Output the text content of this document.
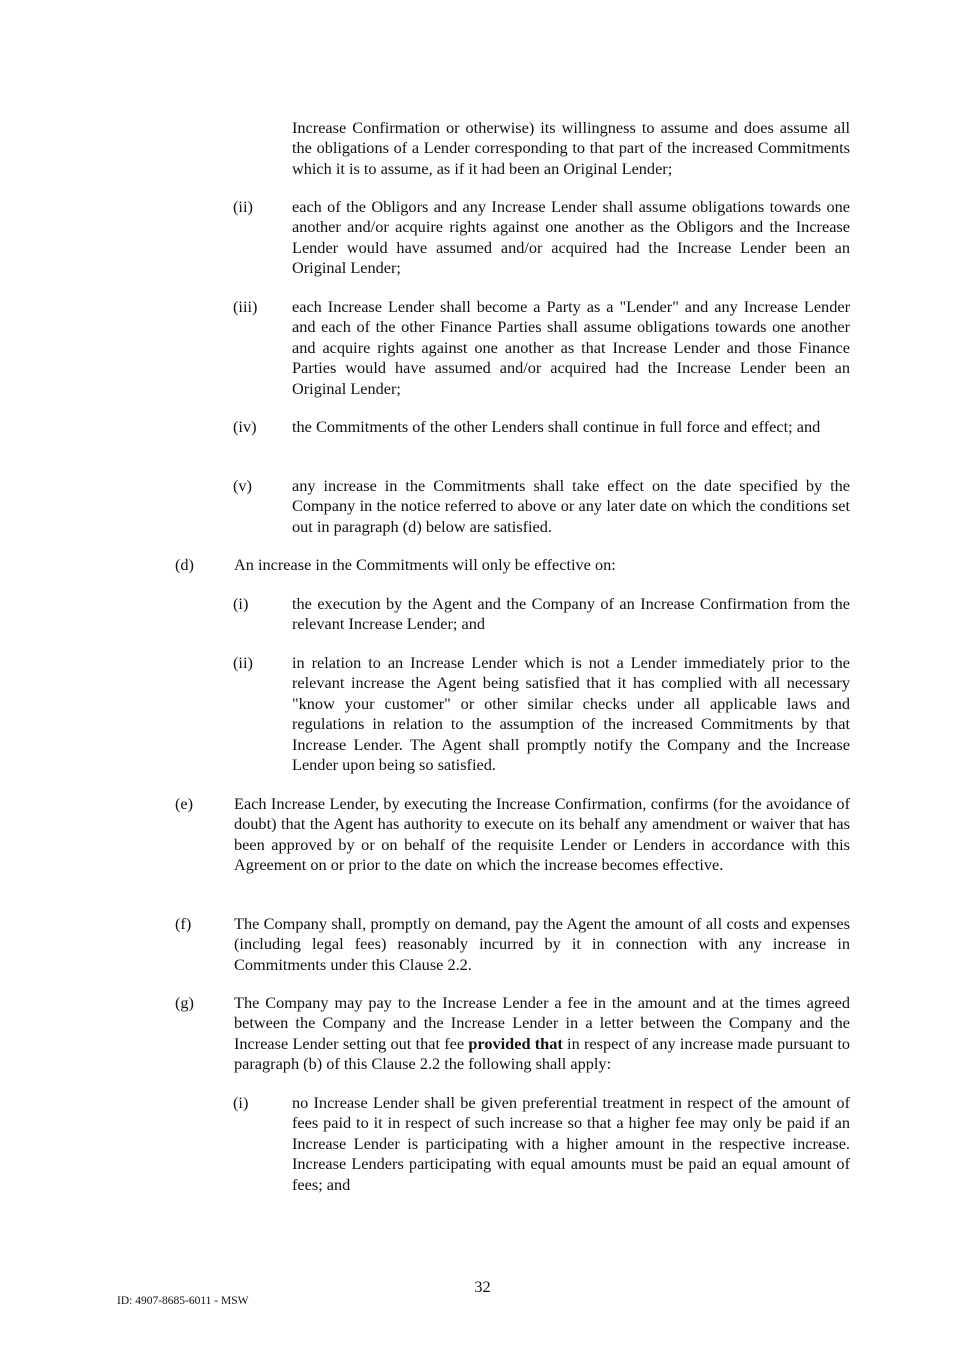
Increase Confirmation or otherwise) its willingness to assume and does assume all the obligations of a Lender corresponding to that part of the increased Commitments which it is to assume, as if it had been an Original Lender;
(ii) each of the Obligors and any Increase Lender shall assume obligations towards one another and/or acquire rights against one another as the Obligors and the Increase Lender would have assumed and/or acquired had the Increase Lender been an Original Lender;
(iii) each Increase Lender shall become a Party as a "Lender" and any Increase Lender and each of the other Finance Parties shall assume obligations towards one another and acquire rights against one another as that Increase Lender and those Finance Parties would have assumed and/or acquired had the Increase Lender been an Original Lender;
(iv) the Commitments of the other Lenders shall continue in full force and effect; and
(v) any increase in the Commitments shall take effect on the date specified by the Company in the notice referred to above or any later date on which the conditions set out in paragraph (d) below are satisfied.
(d) An increase in the Commitments will only be effective on:
(i)	the execution by the Agent and the Company of an Increase Confirmation from the relevant Increase Lender; and
(ii) in relation to an Increase Lender which is not a Lender immediately prior to the relevant increase the Agent being satisfied that it has complied with all necessary "know your customer" or other similar checks under all applicable laws and regulations in relation to the assumption of the increased Commitments by that Increase Lender. The Agent shall promptly notify the Company and the Increase Lender upon being so satisfied.
(e)	Each Increase Lender, by executing the Increase Confirmation, confirms (for the avoidance of doubt) that the Agent has authority to execute on its behalf any amendment or waiver that has been approved by or on behalf of the requisite Lender or Lenders in accordance with this Agreement on or prior to the date on which the increase becomes effective.
(f)	The Company shall, promptly on demand, pay the Agent the amount of all costs and expenses (including legal fees) reasonably incurred by it in connection with any increase in Commitments under this Clause 2.2.
(g) The Company may pay to the Increase Lender a fee in the amount and at the times agreed between the Company and the Increase Lender in a letter between the Company and the Increase Lender setting out that fee provided that in respect of any increase made pursuant to paragraph (b) of this Clause 2.2 the following shall apply:
(i)	no Increase Lender shall be given preferential treatment in respect of the amount of fees paid to it in respect of such increase so that a higher fee may only be paid if an Increase Lender is participating with a higher amount in the respective increase. Increase Lenders participating with equal amounts must be paid an equal amount of fees; and
32
ID: 4907-8685-6011 - MSW
